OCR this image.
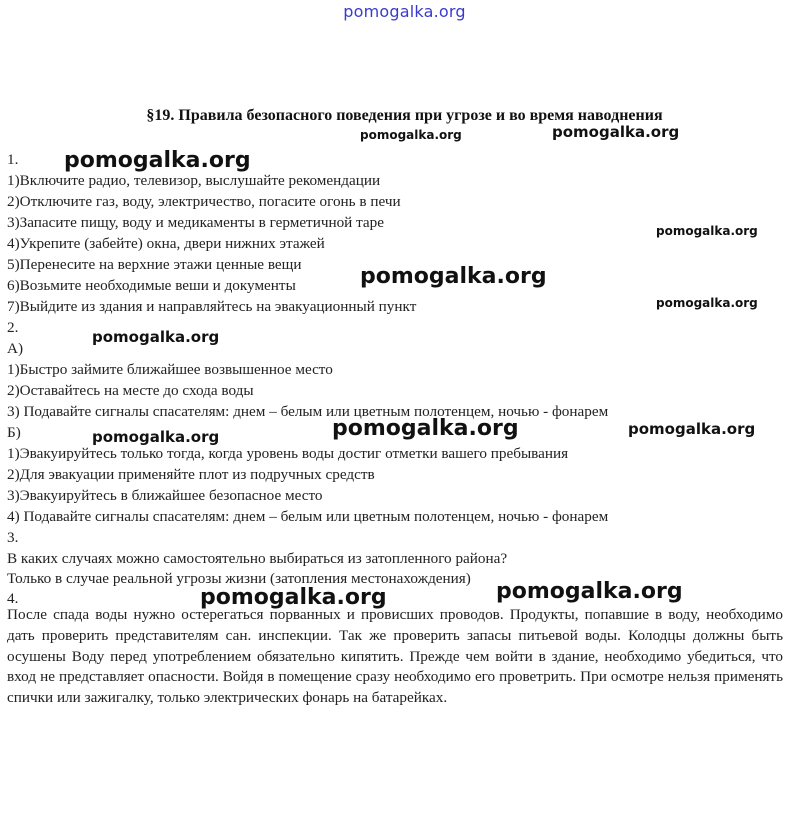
pomogalka.org
§19. Правила безопасного поведения при угрозе и во время наводнения
1.
1)Включите радио, телевизор, выслушайте рекомендации
2)Отключите газ, воду, электричество, погасите огонь в печи
3)Запасите пищу, воду и медикаменты в герметичной таре
4)Укрепите (забейте) окна, двери нижних этажей
5)Перенесите на верхние этажи ценные вещи
6)Возьмите необходимые веши и документы
7)Выйдите из здания и направляйтесь на эвакуационный пункт
2.
А)
1)Быстро займите ближайшее возвышенное место
2)Оставайтесь на месте до схода воды
3) Подавайте сигналы спасателям: днем – белым или цветным полотенцем, ночью - фонарем
Б)
1)Эвакуируйтесь только тогда, когда уровень воды достиг отметки вашего пребывания
2)Для эвакуации применяйте плот из подручных средств
3)Эвакуируйтесь в ближайшее безопасное место
4) Подавайте сигналы спасателям: днем – белым или цветным полотенцем, ночью - фонарем
3.
В каких случаях можно самостоятельно выбираться из затопленного района?
Только в случае реальной угрозы жизни (затопления местонахождения)
4.
После спада воды нужно остерегаться порванных и провисших проводов. Продукты, попавшие в воду, необходимо дать проверить представителям сан. инспекции. Так же проверить запасы питьевой воды. Колодцы должны быть осушены Воду перед употреблением обязательно кипятить. Прежде чем войти в здание, необходимо убедиться, что вход не представляет опасности. Войдя в помещение сразу необходимо его проветрить. При осмотре нельзя применять спички или зажигалку, только электрических фонарь на батарейках.
pomogalka.org	pomogalka.org
pomogalka.org
pomogalka.org
pomogalka.org
pomogalka.org
pomogalka.org
pomogalka.org
pomogalka.org	pomogalka.org
pomogalka.org	pomogalka.org
